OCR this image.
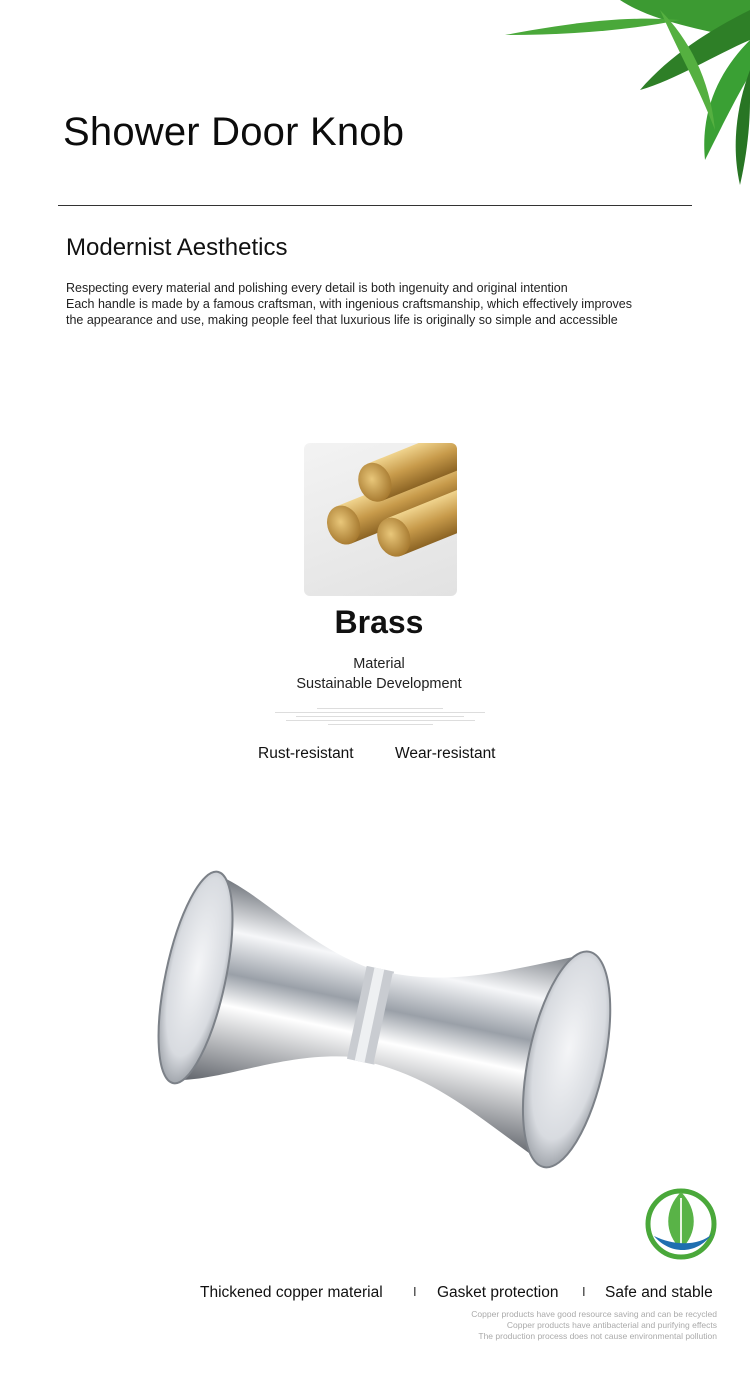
Shower Door Knob
Modernist Aesthetics
Respecting every material and polishing every detail is both ingenuity and original intention
Each handle is made by a famous craftsman, with ingenious craftsmanship, which effectively improves
the appearance and use, making people feel that luxurious life is originally so simple and accessible
Brass
Material
Sustainable Development
Rust-resistant	Wear-resistant
Thickened copper material I Gasket protection I Safe and stable
Copper products have good resource saving and can be recycled
Copper products have antibacterial and purifying effects
The production process does not cause environmental pollution
